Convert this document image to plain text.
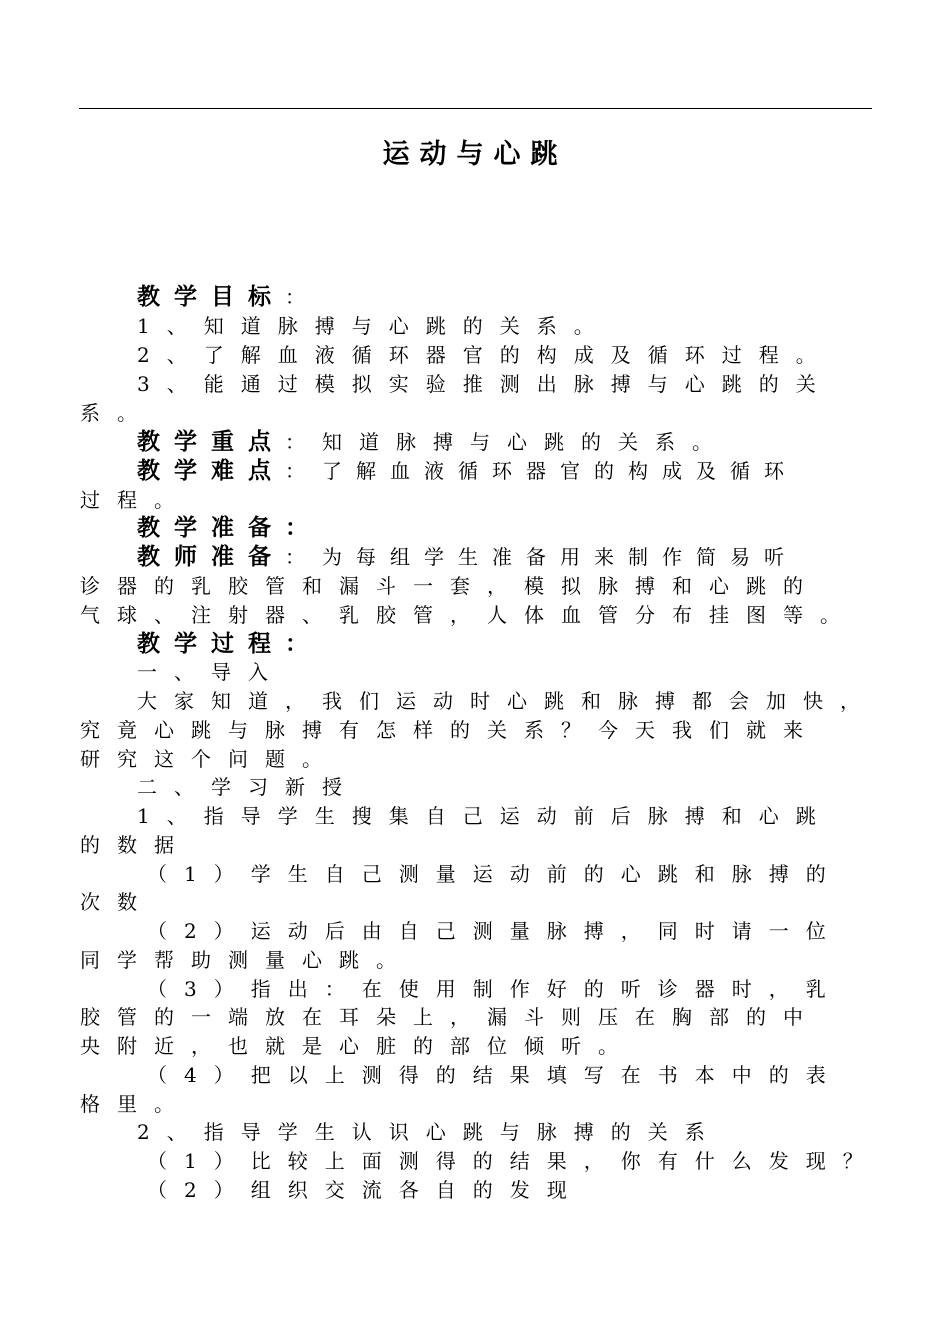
运动与心跳
教学目标：
1、知道脉搏与心跳的关系。
2、了解血液循环器官的构成及循环过程。
3、能通过模拟实验推测出脉搏与心跳的关
系。
教学重点：知道脉搏与心跳的关系。
教学难点：了解血液循环器官的构成及循环
过程。
教学准备：
教师准备：为每组学生准备用来制作简易听
诊器的乳胶管和漏斗一套，模拟脉搏和心跳的
气球、注射器、乳胶管，人体血管分布挂图等。
教学过程：
一、导入
大家知道，我们运动时心跳和脉搏都会加快，
究竟心跳与脉搏有怎样的关系？今天我们就来
研究这个问题。
二、学习新授
1、指导学生搜集自己运动前后脉搏和心跳
的数据
（1）学生自己测量运动前的心跳和脉搏的
次数
（2）运动后由自己测量脉搏，同时请一位
同学帮助测量心跳。
（3）指出：在使用制作好的听诊器时，乳
胶管的一端放在耳朵上，漏斗则压在胸部的中
央附近，也就是心脏的部位倾听。
（4）把以上测得的结果填写在书本中的表
格里。
2、指导学生认识心跳与脉搏的关系
（1）比较上面测得的结果，你有什么发现？
（2）组织交流各自的发现
